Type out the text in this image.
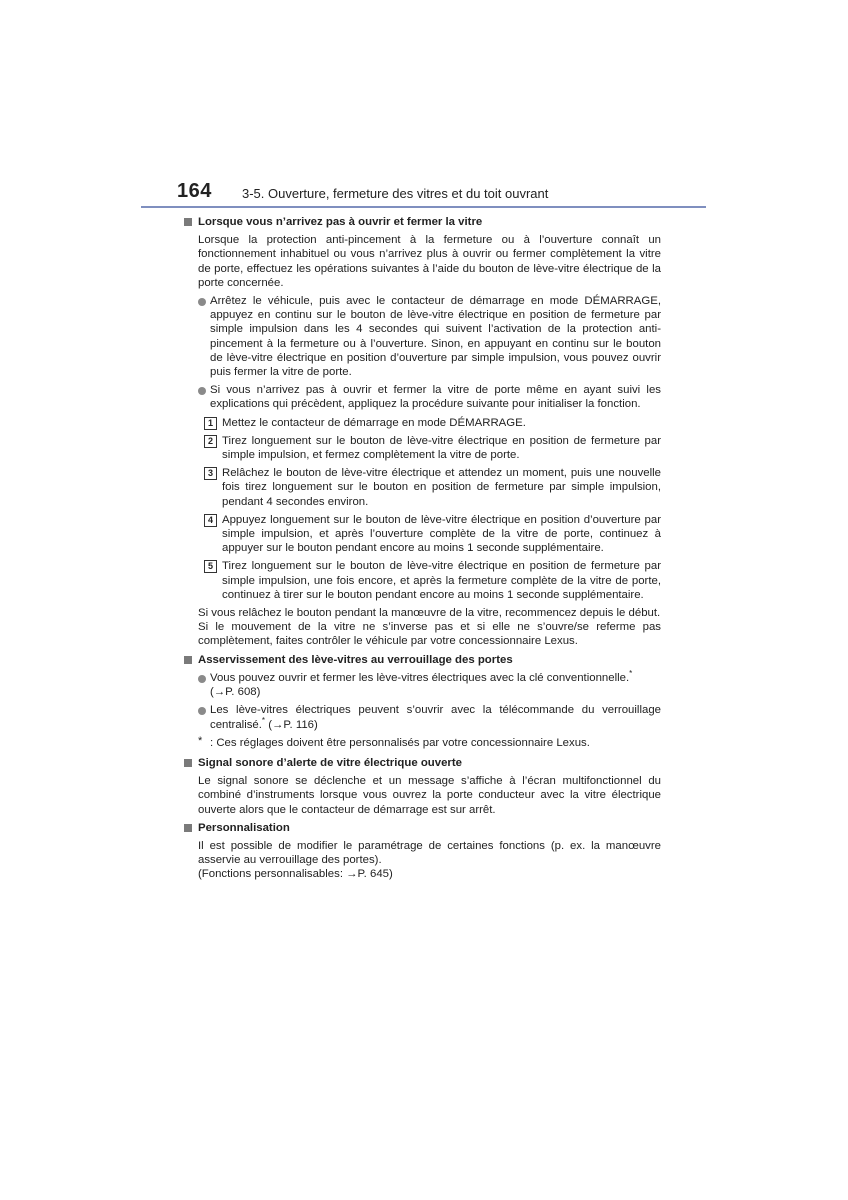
164 3-5. Ouverture, fermeture des vitres et du toit ouvrant
Lorsque vous n’arrivez pas à ouvrir et fermer la vitre
Lorsque la protection anti-pincement à la fermeture ou à l’ouverture connaît un fonctionnement inhabituel ou vous n’arrivez plus à ouvrir ou fermer complètement la vitre de porte, effectuez les opérations suivantes à l’aide du bouton de lève-vitre électrique de la porte concernée.
Arrêtez le véhicule, puis avec le contacteur de démarrage en mode DÉMARRAGE, appuyez en continu sur le bouton de lève-vitre électrique en position de fermeture par simple impulsion dans les 4 secondes qui suivent l’activation de la protection anti-pincement à la fermeture ou à l’ouverture. Sinon, en appuyant en continu sur le bouton de lève-vitre électrique en position d’ouverture par simple impulsion, vous pouvez ouvrir puis fermer la vitre de porte.
Si vous n’arrivez pas à ouvrir et fermer la vitre de porte même en ayant suivi les explications qui précèdent, appliquez la procédure suivante pour initialiser la fonction.
1 Mettez le contacteur de démarrage en mode DÉMARRAGE.
2 Tirez longuement sur le bouton de lève-vitre électrique en position de fermeture par simple impulsion, et fermez complètement la vitre de porte.
3 Relâchez le bouton de lève-vitre électrique et attendez un moment, puis une nouvelle fois tirez longuement sur le bouton en position de fermeture par simple impulsion, pendant 4 secondes environ.
4 Appuyez longuement sur le bouton de lève-vitre électrique en position d’ouverture par simple impulsion, et après l’ouverture complète de la vitre de porte, continuez à appuyer sur le bouton pendant encore au moins 1 seconde supplémentaire.
5 Tirez longuement sur le bouton de lève-vitre électrique en position de fermeture par simple impulsion, une fois encore, et après la fermeture complète de la vitre de porte, continuez à tirer sur le bouton pendant encore au moins 1 seconde supplémentaire.
Si vous relâchez le bouton pendant la manœuvre de la vitre, recommencez depuis le début.
Si le mouvement de la vitre ne s’inverse pas et si elle ne s’ouvre/se referme pas complètement, faites contrôler le véhicule par votre concessionnaire Lexus.
Asservissement des lève-vitres au verrouillage des portes
Vous pouvez ouvrir et fermer les lève-vitres électriques avec la clé conventionnelle.*
(→P. 608)
Les lève-vitres électriques peuvent s’ouvrir avec la télécommande du verrouillage centralisé.* (→P. 116)
* : Ces réglages doivent être personnalisés par votre concessionnaire Lexus.
Signal sonore d’alerte de vitre électrique ouverte
Le signal sonore se déclenche et un message s’affiche à l’écran multifonctionnel du combiné d’instruments lorsque vous ouvrez la porte conducteur avec la vitre électrique ouverte alors que le contacteur de démarrage est sur arrêt.
Personnalisation
Il est possible de modifier le paramétrage de certaines fonctions (p. ex. la manœuvre asservie au verrouillage des portes).
(Fonctions personnalisables: →P. 645)
